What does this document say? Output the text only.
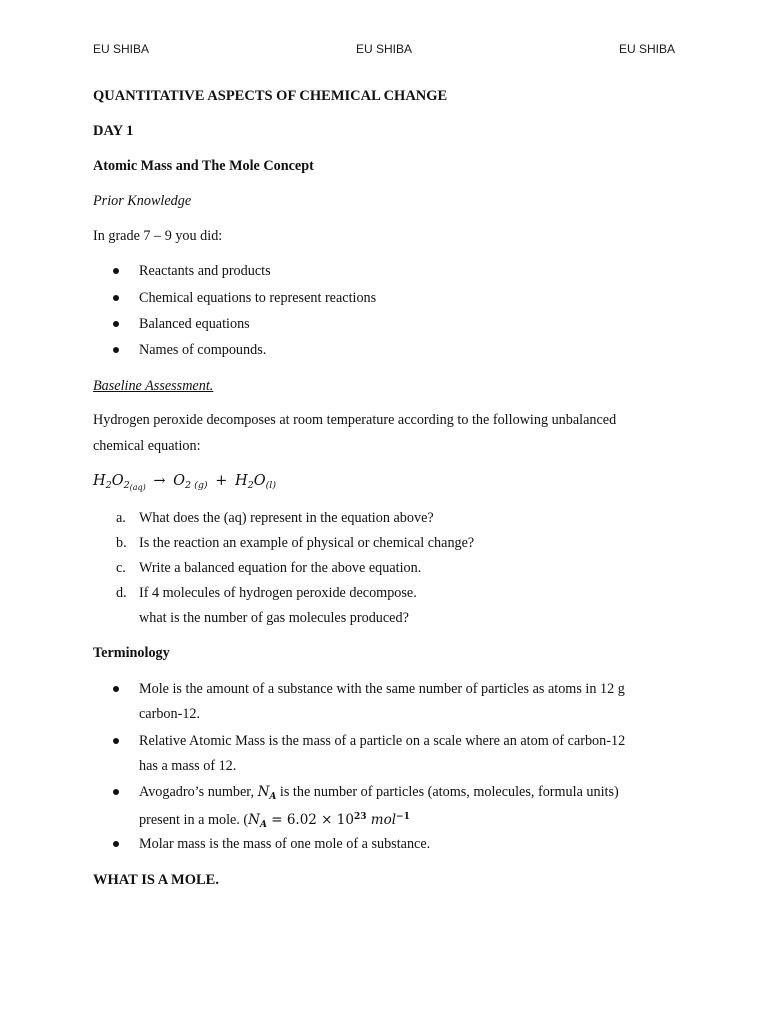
EU SHIBA	EU SHIBA	EU SHIBA
QUANTITATIVE ASPECTS OF CHEMICAL CHANGE
DAY 1
Atomic Mass and The Mole Concept
Prior Knowledge
In grade 7 – 9 you did:
Reactants and products
Chemical equations to represent reactions
Balanced equations
Names of compounds.
Baseline Assessment.
Hydrogen peroxide decomposes at room temperature according to the following unbalanced
chemical equation:
$H_2O_{2_{(aq)}} \to O_{2 (g)} + H_2O_{(l)}$
a. What does the (aq) represent in the equation above?
b. Is the reaction an example of physical or chemical change?
c. Write a balanced equation for the above equation.
d. If 4 molecules of hydrogen peroxide decompose.
what is the number of gas molecules produced?
Terminology
Mole is the amount of a substance with the same number of particles as atoms in 12 g
carbon-12.
Relative Atomic Mass is the mass of a particle on a scale where an atom of carbon-12
has a mass of 12.
Avogadro’s number, $N_A$ is the number of particles (atoms, molecules, formula units)
present in a mole. ($N_A = 6.02 \times 10^{23}$ mol$^{-1}$
Molar mass is the mass of one mole of a substance.
WHAT IS A MOLE.
